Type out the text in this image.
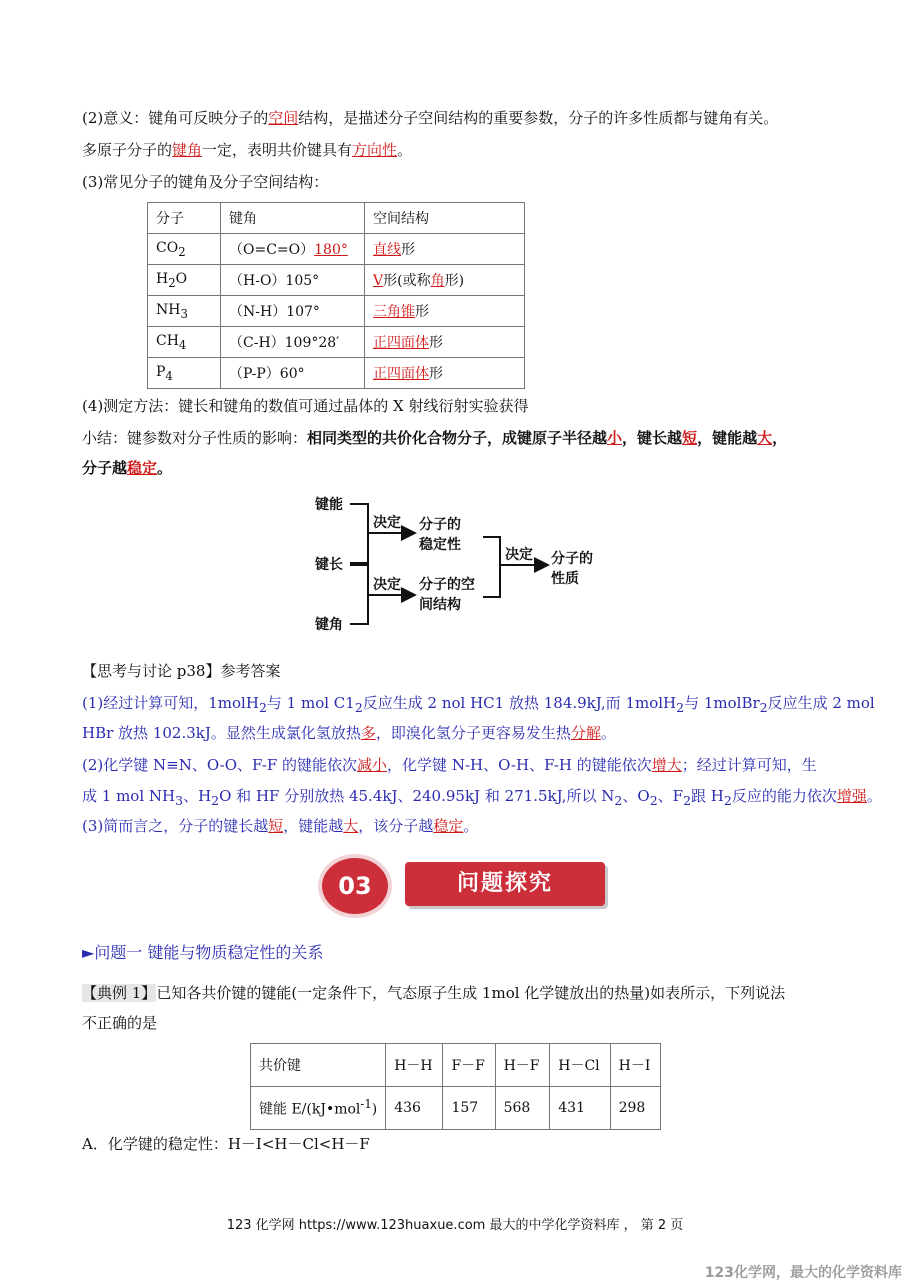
(2)意义：键角可反映分子的空间结构，是描述分子空间结构的重要参数，分子的许多性质都与键角有关。
多原子分子的键角一定，表明共价键具有方向性。
(3)常见分子的键角及分子空间结构：
分子	键角	空间结构
$CO_2$	（O=C=O）180°	直线形
$H_2O$	（H-O）105°	V形(或称角形)
$NH_3$	（N-H）107°	三角锥形
$CH_4$	（C-H）109°28′	正四面体形
$P_4$	（P-P）60°	正四面体形
(4)测定方法：键长和键角的数值可通过晶体的 X 射线衍射实验获得
小结：键参数对分子性质的影响：相同类型的共价化合物分子，成键原子半径越小，键长越短，键能越大，
分子越稳定。
键能
键长
键角
决定
决定
分子的
稳定性
分子的空
间结构
决定 分子的
性质
【思考与讨论 p38】参考答案
(1)经过计算可知，1molH$_2$与 1 mol $C1_2$反应生成 2 nol HC1 放热 184.9kJ,而 1molH$_2$与 1molBr$_2$反应生成 2 mol
HBr 放热 102.3kJ。显然生成氯化氢放热多，即溴化氢分子更容易发生热分解。
(2)化学键 N≡N、O-O、F-F 的键能依次减小，化学键 N-H、O-H、F-H 的键能依次增大；经过计算可知，生
成 1 mol $NH_3$、$H_2O$ 和 HF 分别放热 45.4kJ、240.95kJ 和 271.5kJ,所以 $N_2$、$O_2$、$F_2$跟 $H_2$反应的能力依次增强。
(3)简而言之，分子的键长越短，键能越大，该分子越稳定。
03	问题探究
►问题一 键能与物质稳定性的关系
【典例 1】已知各共价键的键能(一定条件下，气态原子生成 1mol 化学键放出的热量)如表所示，下列说法
不正确的是
共价键	H－H	F－F	H－F	H－Cl	H－I
键能 E/(kJ•mol$^{-1}$)	436	157	568	431	298
A．化学键的稳定性：H－I<H－Cl<H－F
123 化学网 https://www.123huaxue.com 最大的中学化学资料库 ， 第 2 页
123化学网，最大的化学资料库
